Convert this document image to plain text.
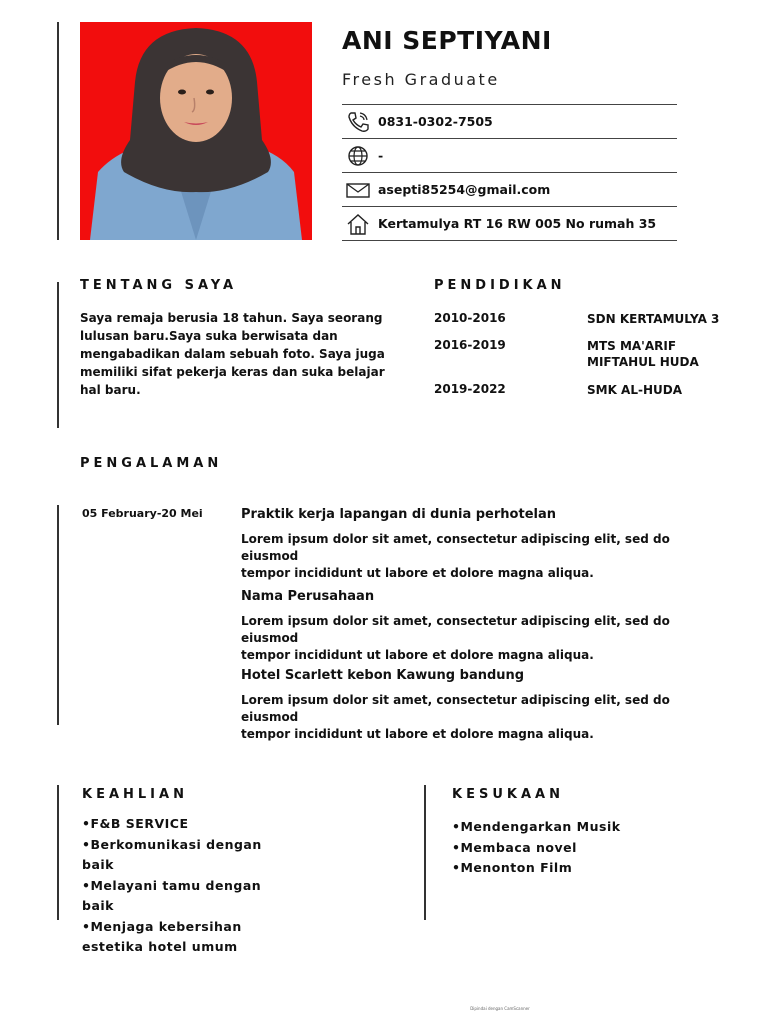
ANI SEPTIYANI
Fresh Graduate
0831-0302-7505
-
asepti85254@gmail.com
Kertamulya RT 16 RW 005 No rumah 35
TENTANG SAYA
Saya remaja berusia 18 tahun. Saya seorang
lulusan baru.Saya suka berwisata dan
mengabadikan dalam sebuah foto. Saya juga
memiliki sifat pekerja keras dan suka belajar
hal baru.
PENDIDIKAN
2010-2016	SDN KERTAMULYA 3
2016-2019	MTS MA'ARIF
MIFTAHUL HUDA
2019-2022	SMK AL-HUDA
PENGALAMAN
05 February-20 Mei	Praktik kerja lapangan di dunia perhotelan
Lorem ipsum dolor sit amet, consectetur adipiscing elit, sed do eiusmod
tempor incididunt ut labore et dolore magna aliqua.
Nama Perusahaan
Lorem ipsum dolor sit amet, consectetur adipiscing elit, sed do eiusmod
tempor incididunt ut labore et dolore magna aliqua.
Hotel Scarlett kebon Kawung bandung
Lorem ipsum dolor sit amet, consectetur adipiscing elit, sed do eiusmod
tempor incididunt ut labore et dolore magna aliqua.
KEAHLIAN
•F&B SERVICE
•Berkomunikasi dengan
baik
•Melayani tamu dengan
baik
•Menjaga kebersihan
estetika hotel umum
KESUKAAN
•Mendengarkan Musik
•Membaca novel
•Menonton Film
Dipindai dengan CamScanner
